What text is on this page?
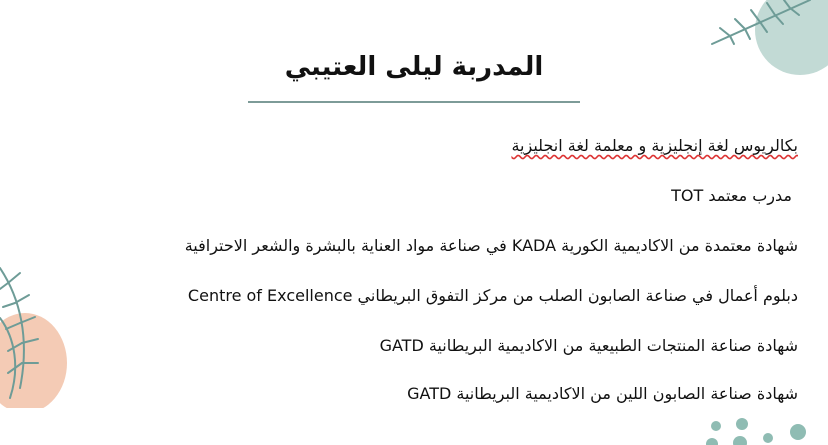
المدربة ليلى العتيبي
بكالريوس لغة إنجليزية و معلمة لغة انجليزية
مدرب معتمد TOT
شهادة معتمدة من الاكاديمية الكورية KADA في صناعة مواد العناية بالبشرة والشعر الاحترافية
دبلوم أعمال في صناعة الصابون الصلب من مركز التفوق البريطاني Centre of Excellence
شهادة صناعة المنتجات الطبيعية من الاكاديمية البريطانية GATD
شهادة صناعة الصابون اللين من الاكاديمية البريطانية GATD
